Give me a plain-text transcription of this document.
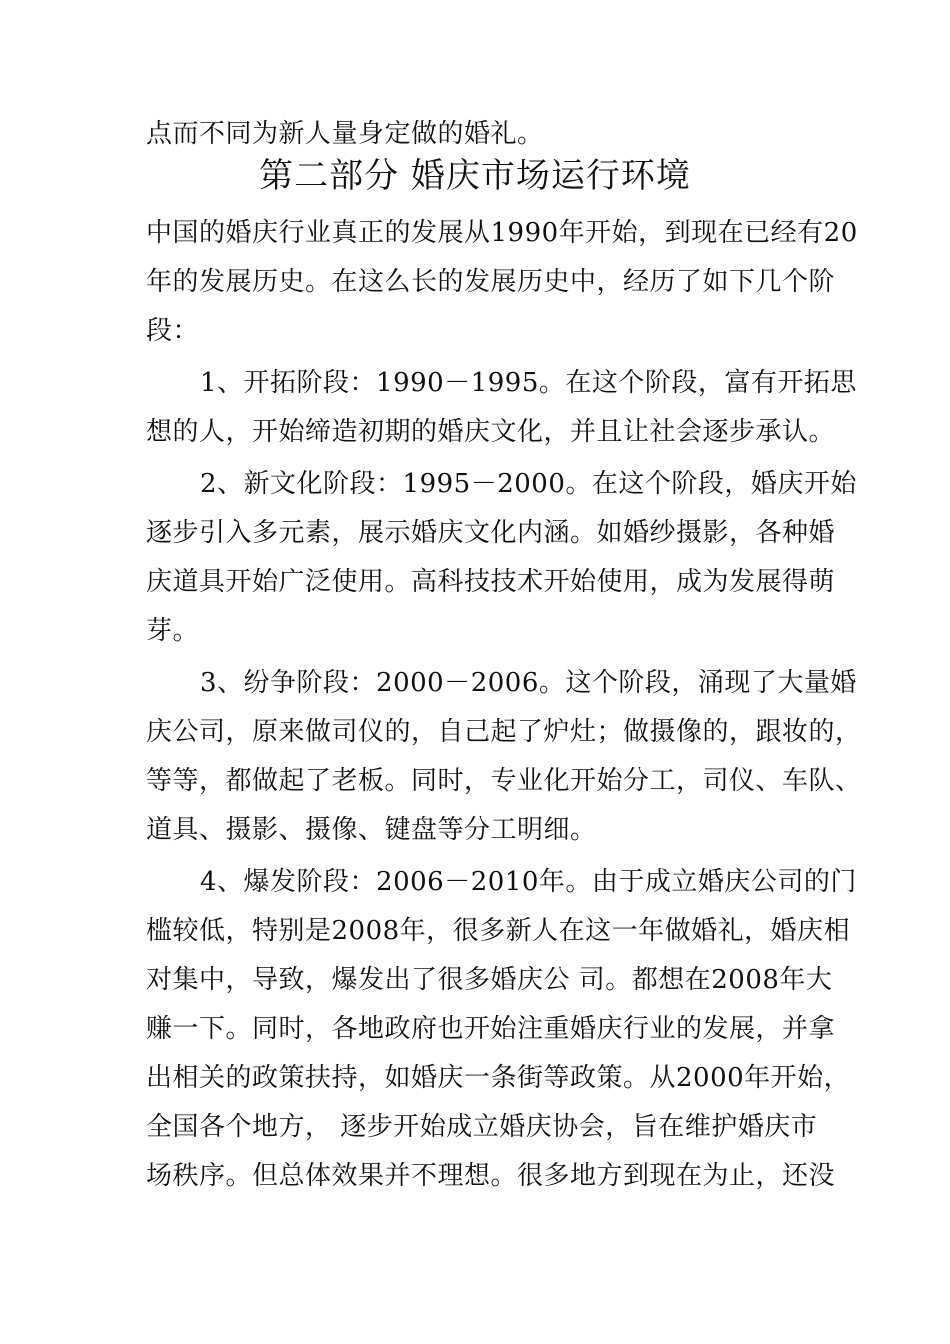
点而不同为新人量身定做的婚礼。
第二部分 婚庆市场运行环境
中国的婚庆行业真正的发展从1990年开始，到现在已经有20
年的发展历史。在这么长的发展历史中，经历了如下几个阶
段：
1、开拓阶段：1990－1995。在这个阶段，富有开拓思
想的人，开始缔造初期的婚庆文化，并且让社会逐步承认。
2、新文化阶段：1995－2000。在这个阶段，婚庆开始
逐步引入多元素，展示婚庆文化内涵。如婚纱摄影，各种婚
庆道具开始广泛使用。高科技技术开始使用，成为发展得萌
芽。
3、纷争阶段：2000－2006。这个阶段，涌现了大量婚
庆公司，原来做司仪的，自己起了炉灶；做摄像的，跟妆的，
等等，都做起了老板。同时，专业化开始分工，司仪、车队、
道具、摄影、摄像、键盘等分工明细。
4、爆发阶段：2006－2010年。由于成立婚庆公司的门
槛较低，特别是2008年，很多新人在这一年做婚礼，婚庆相
对集中，导致，爆发出了很多婚庆公 司。都想在2008年大
赚一下。同时，各地政府也开始注重婚庆行业的发展，并拿
出相关的政策扶持，如婚庆一条街等政策。从2000年开始，
全国各个地方， 逐步开始成立婚庆协会，旨在维护婚庆市
场秩序。但总体效果并不理想。很多地方到现在为止，还没
